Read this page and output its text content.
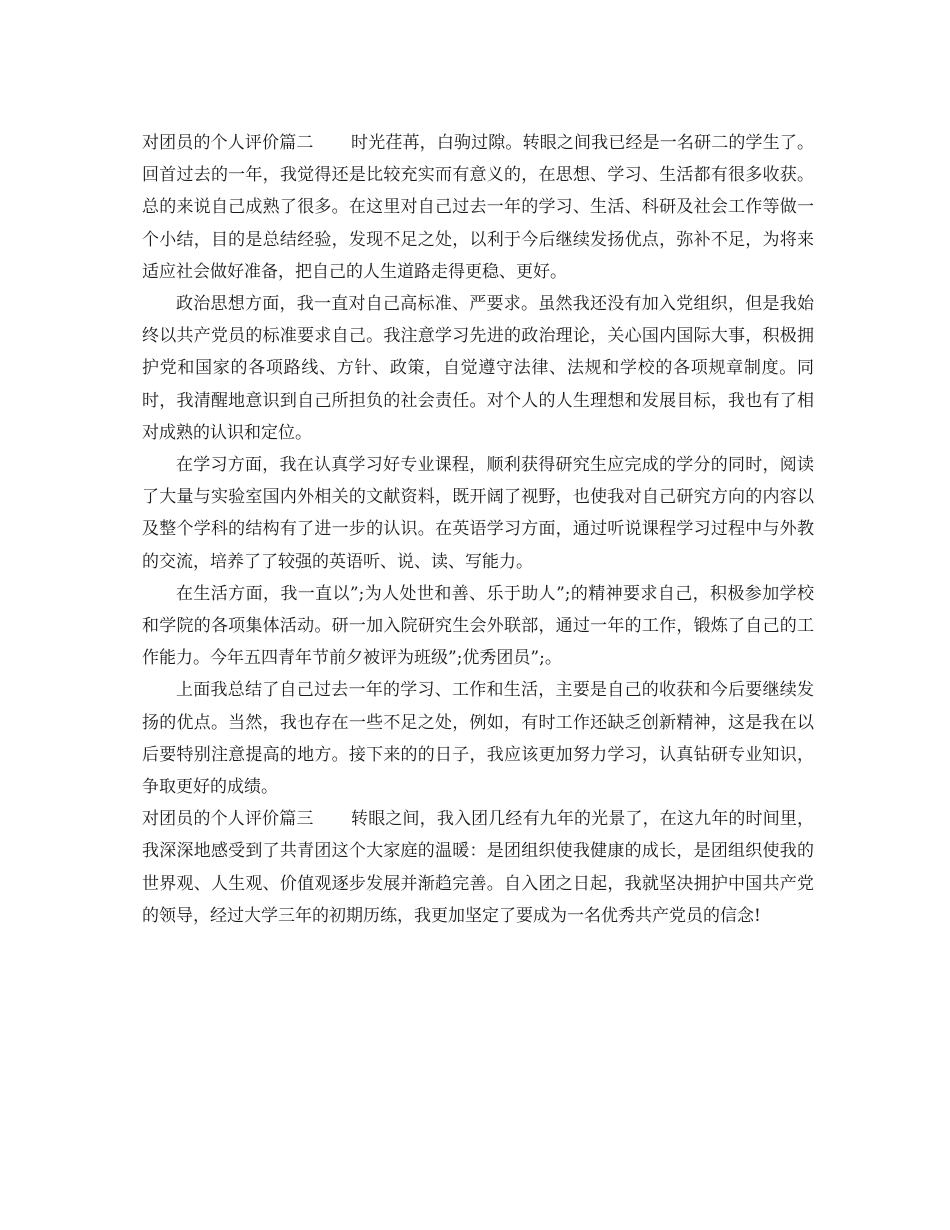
对团员的个人评价篇二 时光荏苒，白驹过隙。转眼之间我已经是一名研二的学生了。回首过去的一年，我觉得还是比较充实而有意义的，在思想、学习、生活都有很多收获。总的来说自己成熟了很多。在这里对自己过去一年的学习、生活、科研及社会工作等做一个小结，目的是总结经验，发现不足之处，以利于今后继续发扬优点，弥补不足，为将来适应社会做好准备，把自己的人生道路走得更稳、更好。

政治思想方面，我一直对自己高标准、严要求。虽然我还没有加入党组织，但是我始终以共产党员的标准要求自己。我注意学习先进的政治理论，关心国内国际大事，积极拥护党和国家的各项路线、方针、政策，自觉遵守法律、法规和学校的各项规章制度。同时，我清醒地意识到自己所担负的社会责任。对个人的人生理想和发展目标，我也有了相对成熟的认识和定位。

在学习方面，我在认真学习好专业课程，顺利获得研究生应完成的学分的同时，阅读了大量与实验室国内外相关的文献资料，既开阔了视野，也使我对自己研究方向的内容以及整个学科的结构有了进一步的认识。在英语学习方面，通过听说课程学习过程中与外教的交流，培养了了较强的英语听、说、读、写能力。

在生活方面，我一直以”;为人处世和善、乐于助人”;的精神要求自己，积极参加学校和学院的各项集体活动。研一加入院研究生会外联部，通过一年的工作，锻炼了自己的工作能力。今年五四青年节前夕被评为班级”;优秀团员”;。

上面我总结了自己过去一年的学习、工作和生活，主要是自己的收获和今后要继续发扬的优点。当然，我也存在一些不足之处，例如，有时工作还缺乏创新精神，这是我在以后要特别注意提高的地方。接下来的的日子，我应该更加努力学习，认真钻研专业知识，争取更好的成绩。

对团员的个人评价篇三 转眼之间，我入团几经有九年的光景了，在这九年的时间里，我深深地感受到了共青团这个大家庭的温暖：是团组织使我健康的成长，是团组织使我的世界观、人生观、价值观逐步发展并渐趋完善。自入团之日起，我就坚决拥护中国共产党的领导，经过大学三年的初期历练，我更加坚定了要成为一名优秀共产党员的信念!
